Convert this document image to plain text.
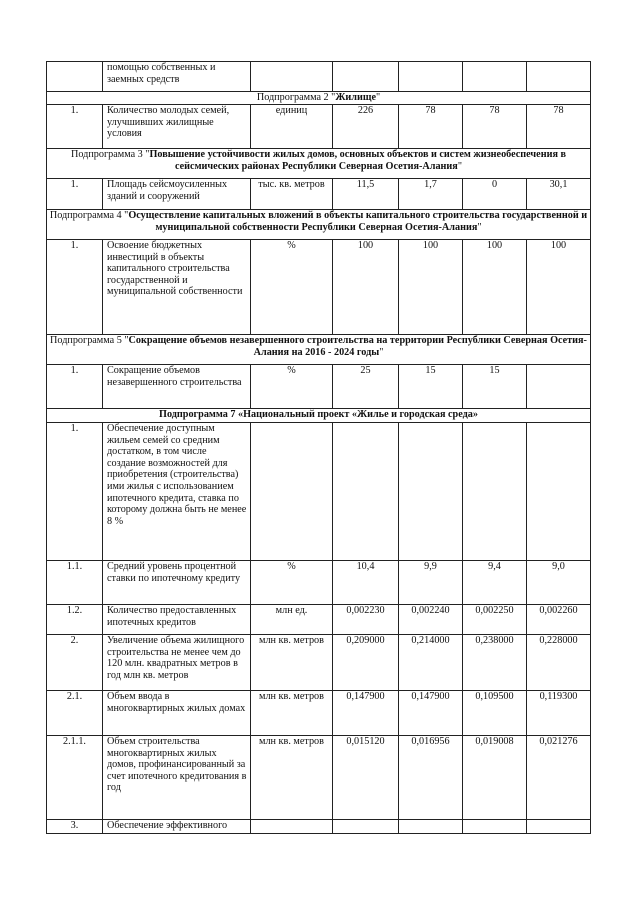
	помощью собственных и заемных средств					
Подпрограмма 2 "Жилище"						
1.	Количество молодых семей, улучшивших жилищные условия	единиц	226	78	78	78
Подпрограмма 3 "Повышение устойчивости жилых домов, основных объектов и систем жизнеобеспечения в сейсмических районах Республики Северная Осетия-Алания"						
1.	Площадь сейсмоусиленных зданий и сооружений	тыс. кв. метров	11,5	1,7	0	30,1
Подпрограмма 4 "Осуществление капитальных вложений в объекты капитального строительства государственной и муниципальной собственности Республики Северная Осетия-Алания"						
1.	Освоение бюджетных инвестиций в объекты капитального строительства государственной и муниципальной собственности	%	100	100	100	100
Подпрограмма 5 "Сокращение объемов незавершенного строительства на территории Республики Северная Осетия-Алания на 2016 - 2024 годы"						
1.	Сокращение объемов незавершенного строительства	%	25	15	15	
Подпрограмма 7 «Национальный проект «Жилье и городская среда»						
1.	Обеспечение доступным жильем семей со средним достатком, в том числе создание возможностей для приобретения (строительства) ими жилья с использованием ипотечного кредита, ставка по которому должна быть не менее 8 %					
1.1.	Средний уровень процентной ставки по ипотечному кредиту	%	10,4	9,9	9,4	9,0
1.2.	Количество предоставленных ипотечных кредитов	млн ед.	0,002230	0,002240	0,002250	0,002260
2.	Увеличение объема жилищного строительства не менее чем до 120 млн. квадратных метров в год млн кв. метров	млн кв. метров	0,209000	0,214000	0,238000	0,228000
2.1.	Объем ввода в многоквартирных жилых домах	млн кв. метров	0,147900	0,147900	0,109500	0,119300
2.1.1.	Объем строительства многоквартирных жилых домов, профинансированный за счет ипотечного кредитования в год	млн кв. метров	0,015120	0,016956	0,019008	0,021276
3.	Обеспечение эффективного					
